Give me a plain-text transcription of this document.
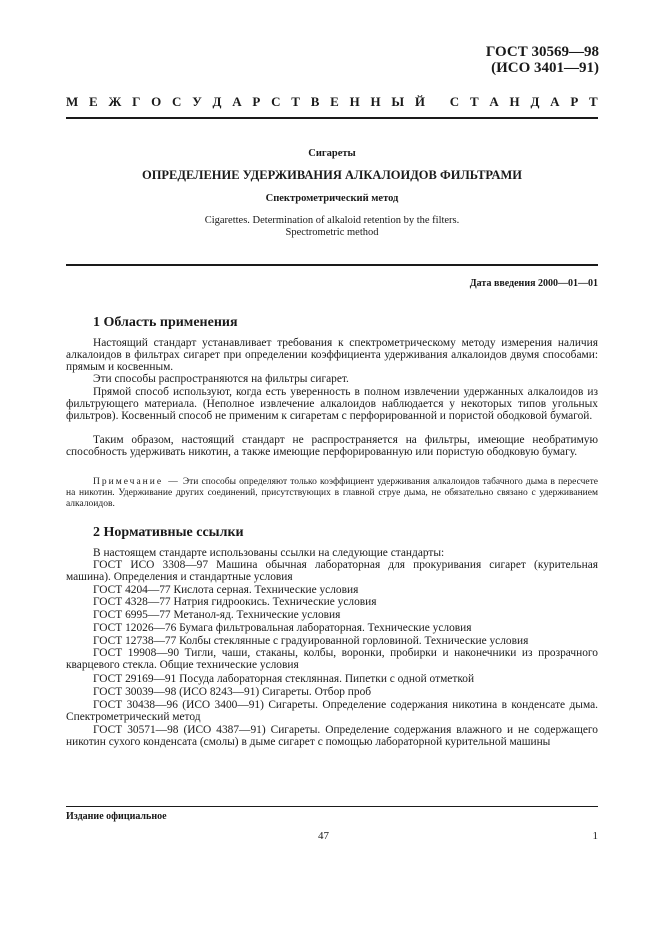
ГОСТ 30569—98
(ИСО 3401—91)
М Е Ж Г О С У Д А Р С Т В Е Н Н Ы Й
С Т А Н Д А Р Т
Сигареты
ОПРЕДЕЛЕНИЕ УДЕРЖИВАНИЯ АЛКАЛОИДОВ ФИЛЬТРАМИ
Спектрометрический метод
Cigarettes. Determination of alkaloid retention by the filters.
Spectrometric method
Дата введения 2000—01—01
1 Область применения

Настоящий стандарт устанавливает требования к спектрометрическому методу измерения наличия алкалоидов в фильтрах сигарет при определении коэффициента удерживания алкалоидов двумя способами: прямым и косвенным.

Эти способы распространяются на фильтры сигарет.

Прямой способ используют, когда есть уверенность в полном извлечении удержанных алкалоидов из фильтрующего материала. (Неполное извлечение алкалоидов наблюдается у некоторых типов угольных фильтров). Косвенный способ не применим к сигаретам с перфорированной и пористой ободковой бумагой.

Таким образом, настоящий стандарт не распространяется на фильтры, имеющие необратимую способность удерживать никотин, а также имеющие перфорированную или пористую ободковую бумагу.

Примечание — Эти способы определяют только коэффициент удерживания алкалоидов табачного дыма в пересчете на никотин. Удерживание других соединений, присутствующих в главной струе дыма, не обязательно связано с удерживанием алкалоидов.

2 Нормативные ссылки

В настоящем стандарте использованы ссылки на следующие стандарты:

ГОСТ ИСО 3308—97 Машина обычная лабораторная для прокуривания сигарет (курительная машина). Определения и стандартные условия

ГОСТ 4204—77 Кислота серная. Технические условия

ГОСТ 4328—77 Натрия гидроокись. Технические условия

ГОСТ 6995—77 Метанол-яд. Технические условия

ГОСТ 12026—76 Бумага фильтровальная лабораторная. Технические условия

ГОСТ 12738—77 Колбы стеклянные с градуированной горловиной. Технические условия

ГОСТ 19908—90 Тигли, чаши, стаканы, колбы, воронки, пробирки и наконечники из прозрачного кварцевого стекла. Общие технические условия

ГОСТ 29169—91 Посуда лабораторная стеклянная. Пипетки с одной отметкой

ГОСТ 30039—98 (ИСО 8243—91) Сигареты. Отбор проб

ГОСТ 30438—96 (ИСО 3400—91) Сигареты. Определение содержания никотина в конденсате дыма. Спектрометрический метод

ГОСТ 30571—98 (ИСО 4387—91) Сигареты. Определение содержания влажного и не содержащего никотин сухого конденсата (смолы) в дыме сигарет с помощью лабораторной курительной машины

Издание официальное
47	1
